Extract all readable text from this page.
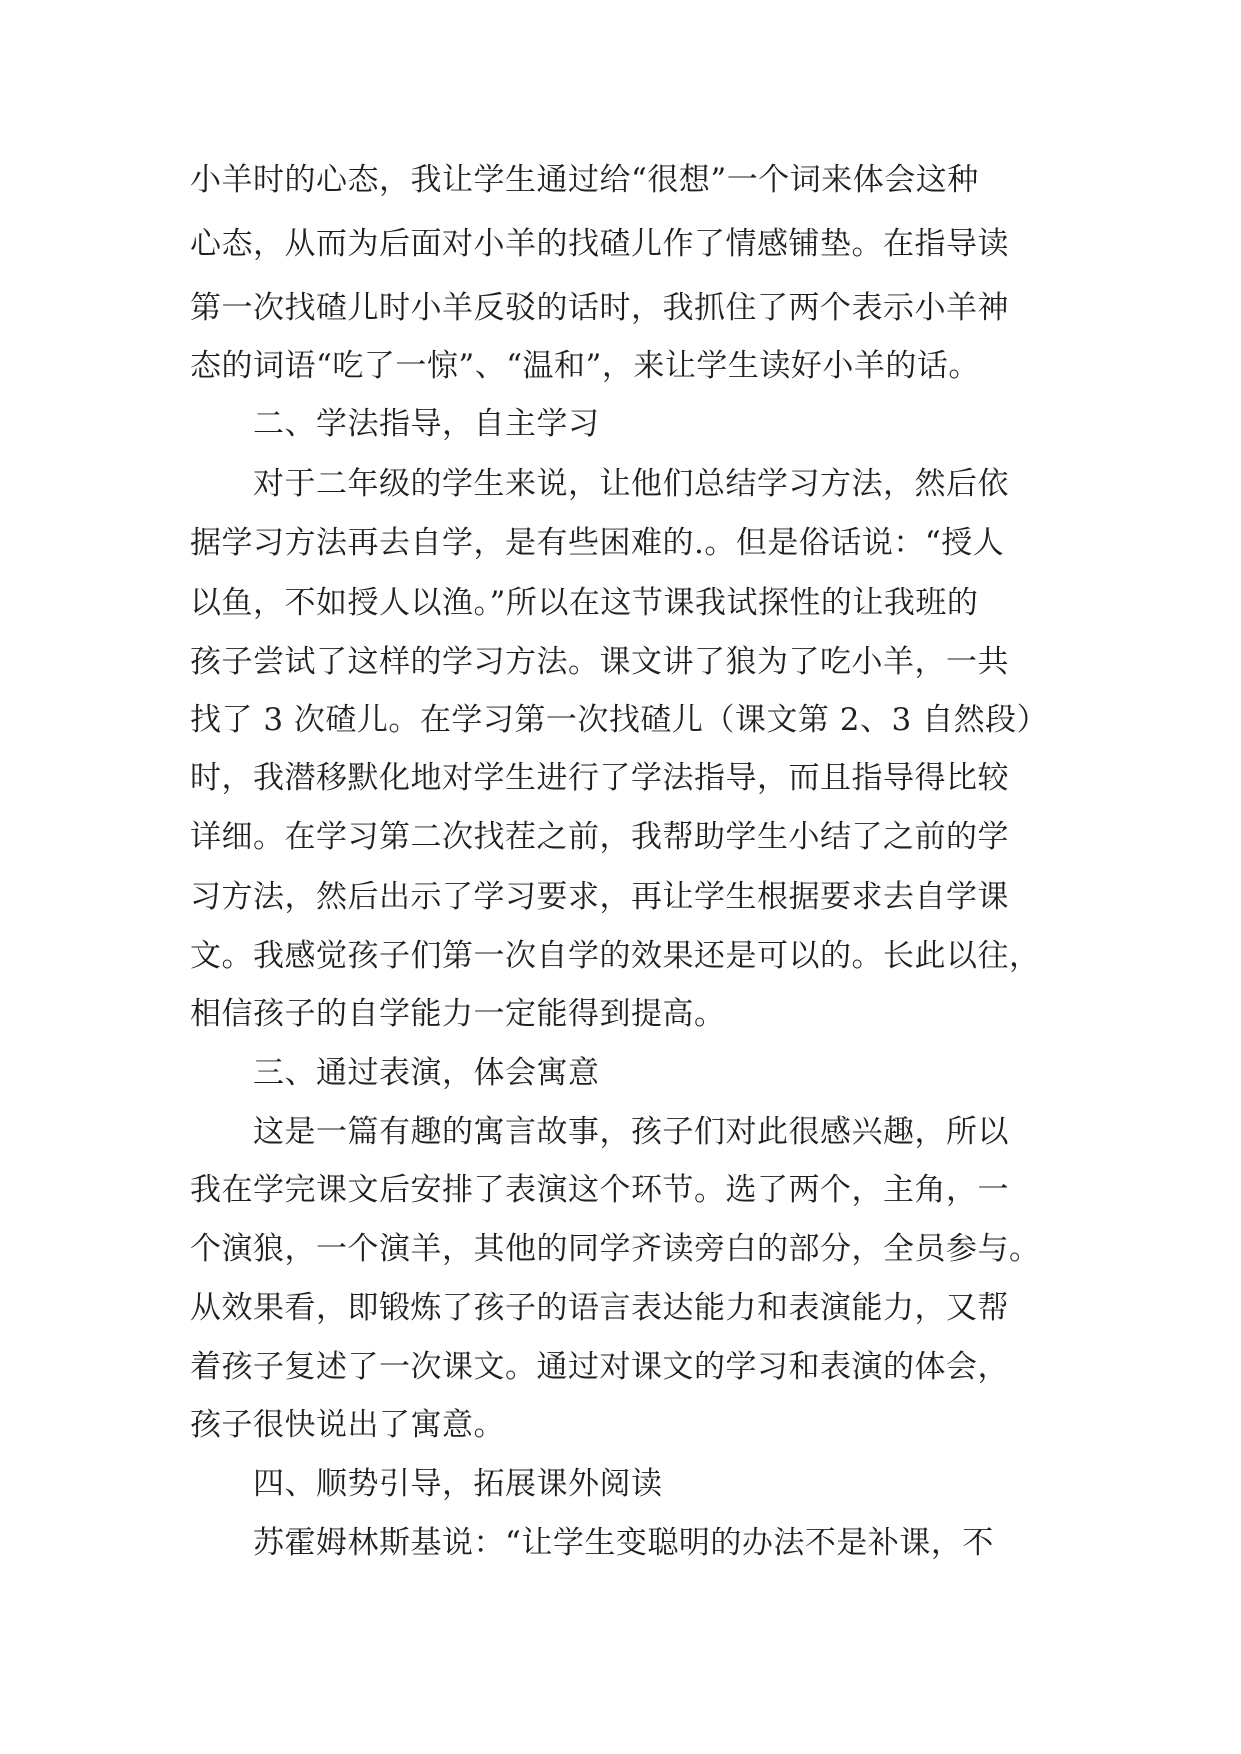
小羊时的心态，我让学生通过给“很想”一个词来体会这种
心态，从而为后面对小羊的找碴儿作了情感铺垫。在指导读
第一次找碴儿时小羊反驳的话时，我抓住了两个表示小羊神
态的词语“吃了一惊”、“温和”，来让学生读好小羊的话。
二、学法指导，自主学习
对于二年级的学生来说，让他们总结学习方法，然后依
据学习方法再去自学，是有些困难的.。但是俗话说：“授人
以鱼，不如授人以渔。”所以在这节课我试探性的让我班的
孩子尝试了这样的学习方法。课文讲了狼为了吃小羊，一共
找了 3 次碴儿。在学习第一次找碴儿（课文第 2、3 自然段）
时，我潜移默化地对学生进行了学法指导，而且指导得比较
详细。在学习第二次找茬之前，我帮助学生小结了之前的学
习方法，然后出示了学习要求，再让学生根据要求去自学课
文。我感觉孩子们第一次自学的效果还是可以的。长此以往，
相信孩子的自学能力一定能得到提高。
三、通过表演，体会寓意
这是一篇有趣的寓言故事，孩子们对此很感兴趣，所以
我在学完课文后安排了表演这个环节。选了两个，主角，一
个演狼，一个演羊，其他的同学齐读旁白的部分，全员参与。
从效果看，即锻炼了孩子的语言表达能力和表演能力，又帮
着孩子复述了一次课文。通过对课文的学习和表演的体会，
孩子很快说出了寓意。
四、顺势引导，拓展课外阅读
苏霍姆林斯基说：“让学生变聪明的办法不是补课，不
